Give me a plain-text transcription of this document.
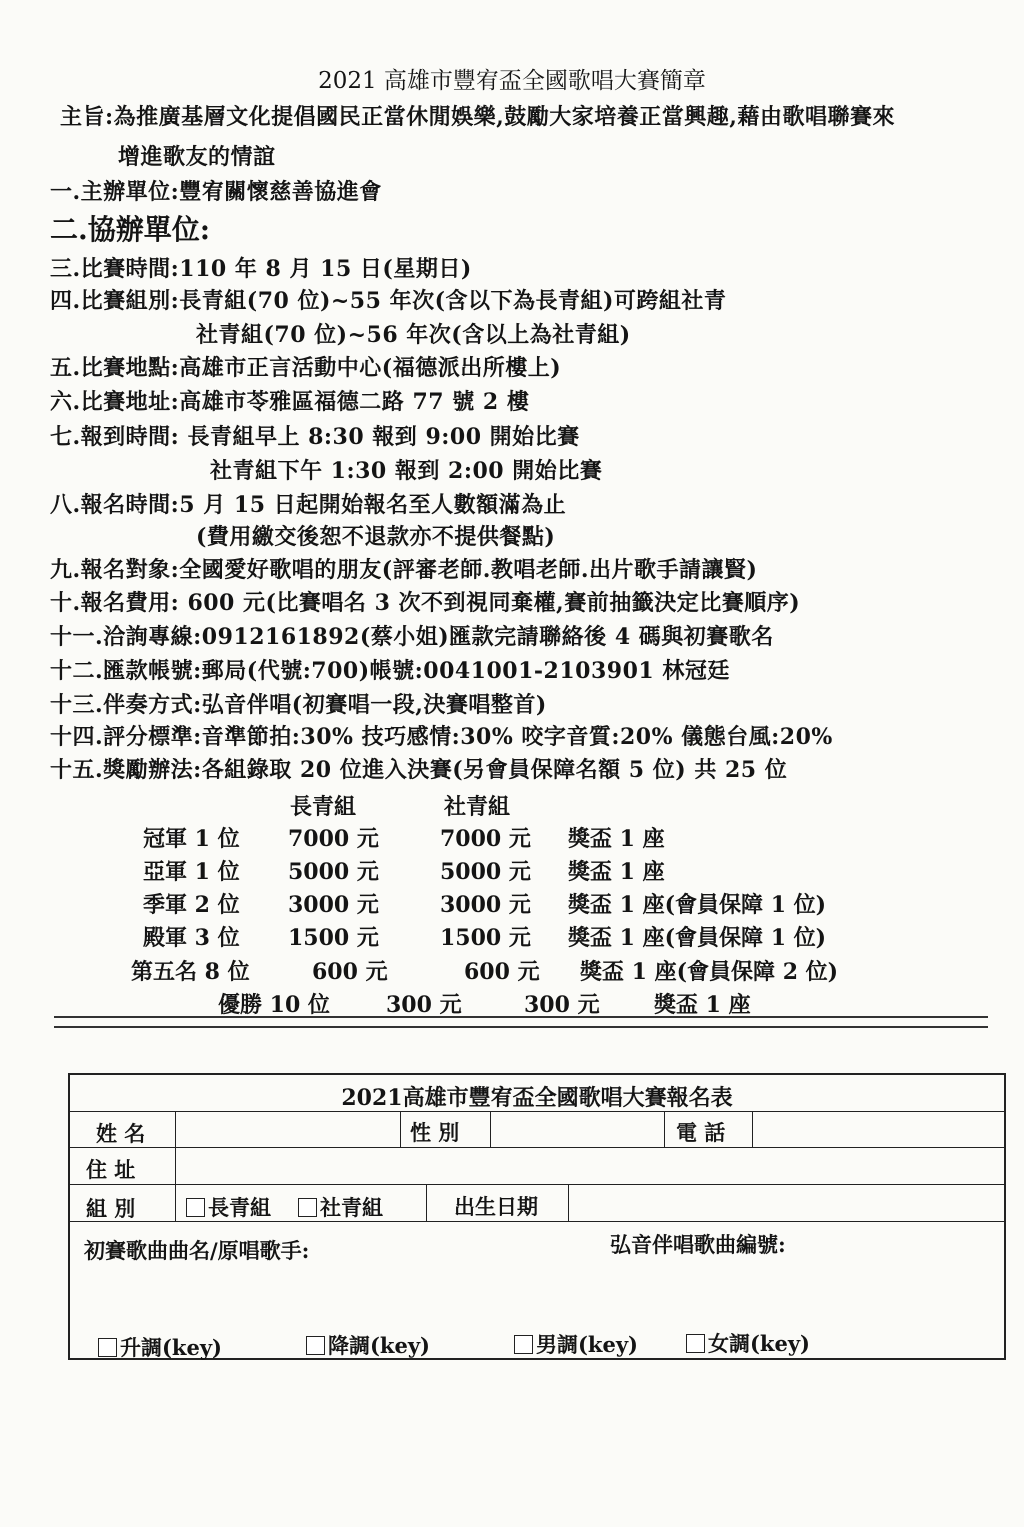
2021 高雄市豐宥盃全國歌唱大賽簡章
主旨:為推廣基層文化提倡國民正當休閒娛樂,鼓勵大家培養正當興趣,藉由歌唱聯賽來
增進歌友的情誼
一.主辦單位:豐宥關懷慈善協進會
二.協辦單位:
三.比賽時間:110 年 8 月 15 日(星期日)
四.比賽組別:長青組(70 位)~55 年次(含以下為長青組)可跨組社青
社青組(70 位)~56 年次(含以上為社青組)
五.比賽地點:高雄市正言活動中心(福德派出所樓上)
六.比賽地址:高雄市苓雅區福德二路 77 號 2 樓
七.報到時間: 長青組早上 8:30 報到 9:00 開始比賽
社青組下午 1:30 報到 2:00 開始比賽
八.報名時間:5 月 15 日起開始報名至人數額滿為止
(費用繳交後恕不退款亦不提供餐點)
九.報名對象:全國愛好歌唱的朋友(評審老師.教唱老師.出片歌手請讓賢)
十.報名費用: 600 元(比賽唱名 3 次不到視同棄權,賽前抽籤決定比賽順序)
十一.洽詢專線:0912161892(蔡小姐)匯款完請聯絡後 4 碼與初賽歌名
十二.匯款帳號:郵局(代號:700)帳號:0041001-2103901 林冠廷
十三.伴奏方式:弘音伴唱(初賽唱一段,決賽唱整首)
十四.評分標準:音準節拍:30% 技巧感情:30% 咬字音質:20% 儀態台風:20%
十五.獎勵辦法:各組錄取 20 位進入決賽(另會員保障名額 5 位) 共 25 位
長青組	社青組
冠軍 1 位 7000 元	7000 元 獎盃 1 座
亞軍 1 位 5000 元	5000 元 獎盃 1 座
季軍 2 位 3000 元	3000 元 獎盃 1 座(會員保障 1 位)
殿軍 3 位 1500 元	1500 元 獎盃 1 座(會員保障 1 位)
第五名 8 位	600 元	600 元 獎盃 1 座(會員保障 2 位)
優勝 10 位	300 元	300 元 獎盃 1 座
2021高雄市豐宥盃全國歌唱大賽報名表
姓 名	性 別	電 話
住 址
組 別	長青組	社青組	出生日期
初賽歌曲曲名/原唱歌手:	弘音伴唱歌曲編號:
升調(key)	降調(key)	男調(key)	女調(key)
